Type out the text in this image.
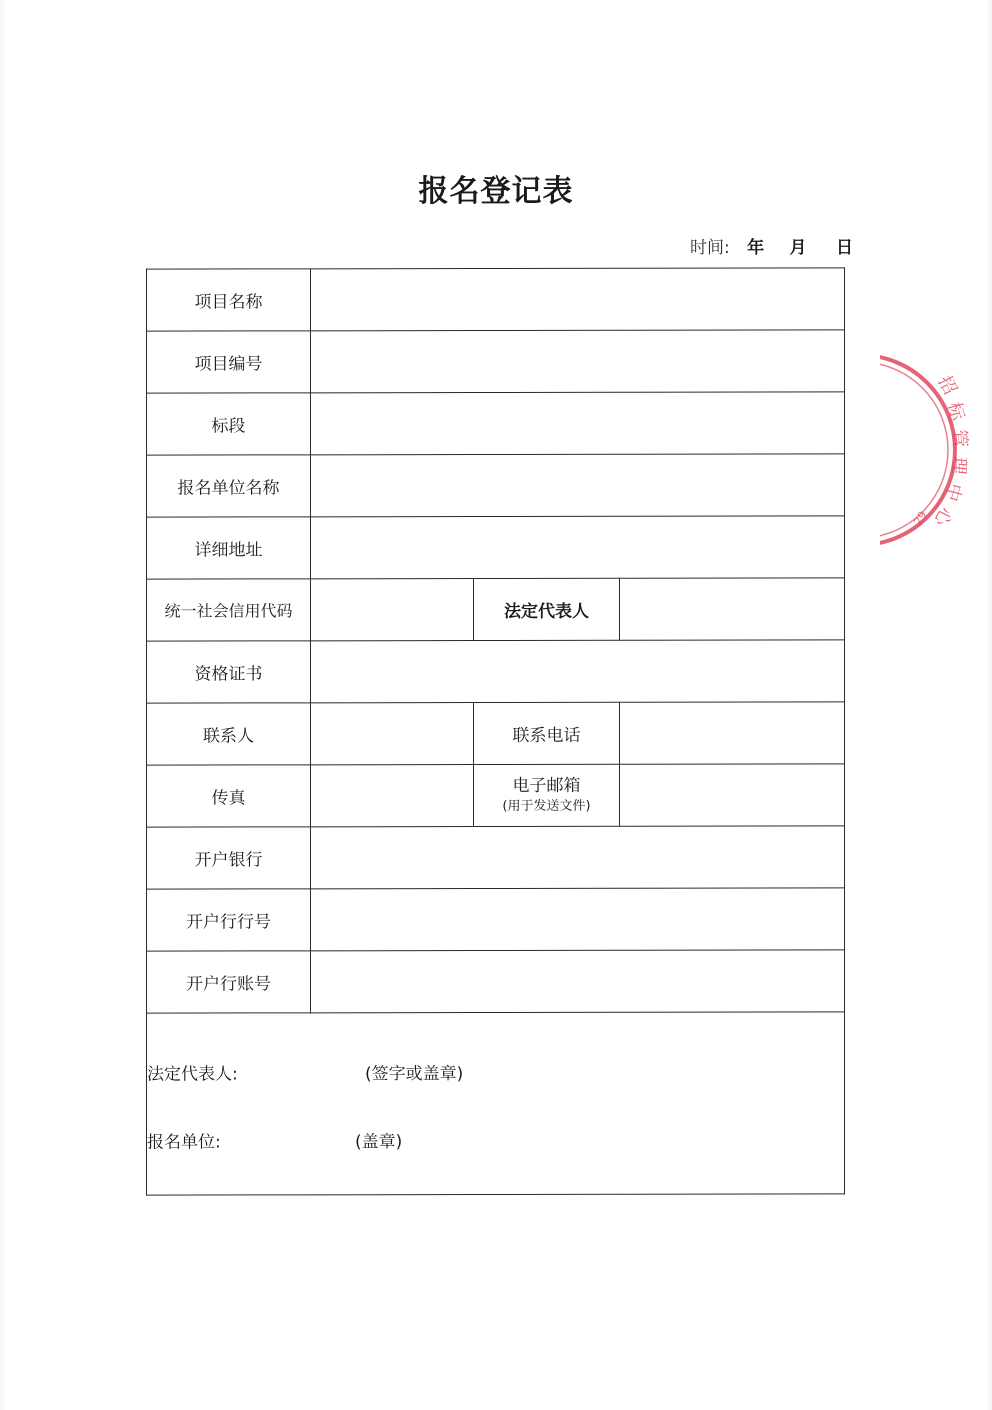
报名登记表
时间: 年 月 日
项目名称			
项目编号			
标段			
报名单位名称			
详细地址			
统一社会信用代码		法定代表人	
资格证书			
联系人		联系电话	
传真		电子邮箱
(用于发送文件)	

开户银行			
开户行行号			
开户行账号			

法定代表人: (签字或盖章)
报名单位: (盖章)			
招
标
管
理
中
心
29
